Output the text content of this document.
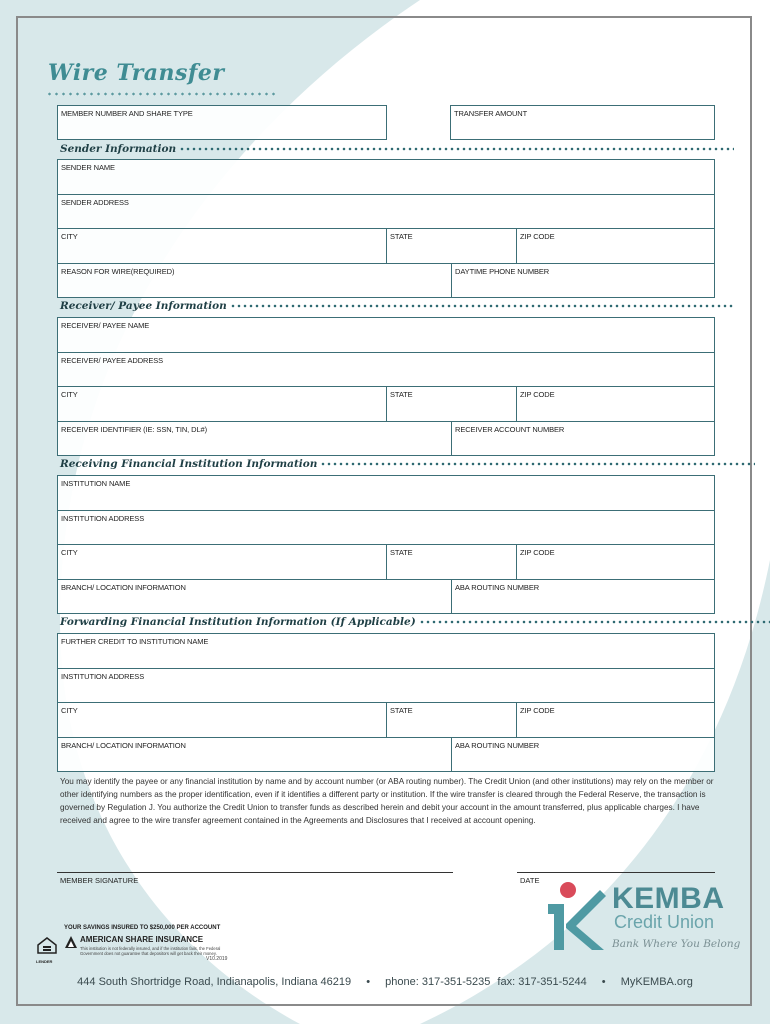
Wire Transfer
MEMBER NUMBER AND SHARE TYPE	TRANSFER AMOUNT
Sender Information
SENDER NAME
SENDER ADDRESS
CITY	STATE	ZIP CODE
REASON FOR WIRE(REQUIRED)	DAYTIME PHONE NUMBER
Receiver/ Payee Information
RECEIVER/ PAYEE NAME
RECEIVER/ PAYEE ADDRESS
CITY	STATE	ZIP CODE
RECEIVER IDENTIFIER (IE: SSN, TIN, DL#)	RECEIVER ACCOUNT NUMBER
Receiving Financial Institution Information
INSTITUTION NAME
INSTITUTION ADDRESS
CITY	STATE	ZIP CODE
BRANCH/ LOCATION INFORMATION	ABA ROUTING NUMBER
Forwarding Financial Institution Information (If Applicable)
FURTHER CREDIT TO INSTITUTION NAME
INSTITUTION ADDRESS
CITY	STATE	ZIP CODE
BRANCH/ LOCATION INFORMATION	ABA ROUTING NUMBER
You may identify the payee or any financial institution by name and by account number (or ABA routing number). The Credit Union (and other institutions) may rely on the member or other identifying numbers as the proper identification, even if it identifies a different party or institution. If the wire transfer is cleared through the Federal Reserve, the transaction is governed by Regulation J. You authorize the Credit Union to transfer funds as described herein and debit your account in the amount transferred, plus applicable charges. I have received and agree to the wire transfer agreement contained in the Agreements and Disclosures that I received at account opening.
MEMBER SIGNATURE	DATE
LENDER
YOUR SAVINGS INSURED TO $250,000 PER ACCOUNT
AMERICAN SHARE INSURANCE
This institution is not federally insured, and if the institution fails, the Federal Government does not guarantee that depositors will get back their money.
V10.2019
KEMBA
Credit Union
Bank Where You Belong
444 South Shortridge Road, Indianapolis, Indiana 46219 • phone: 317-351-5235 fax: 317-351-5244 • MyKEMBA.org
